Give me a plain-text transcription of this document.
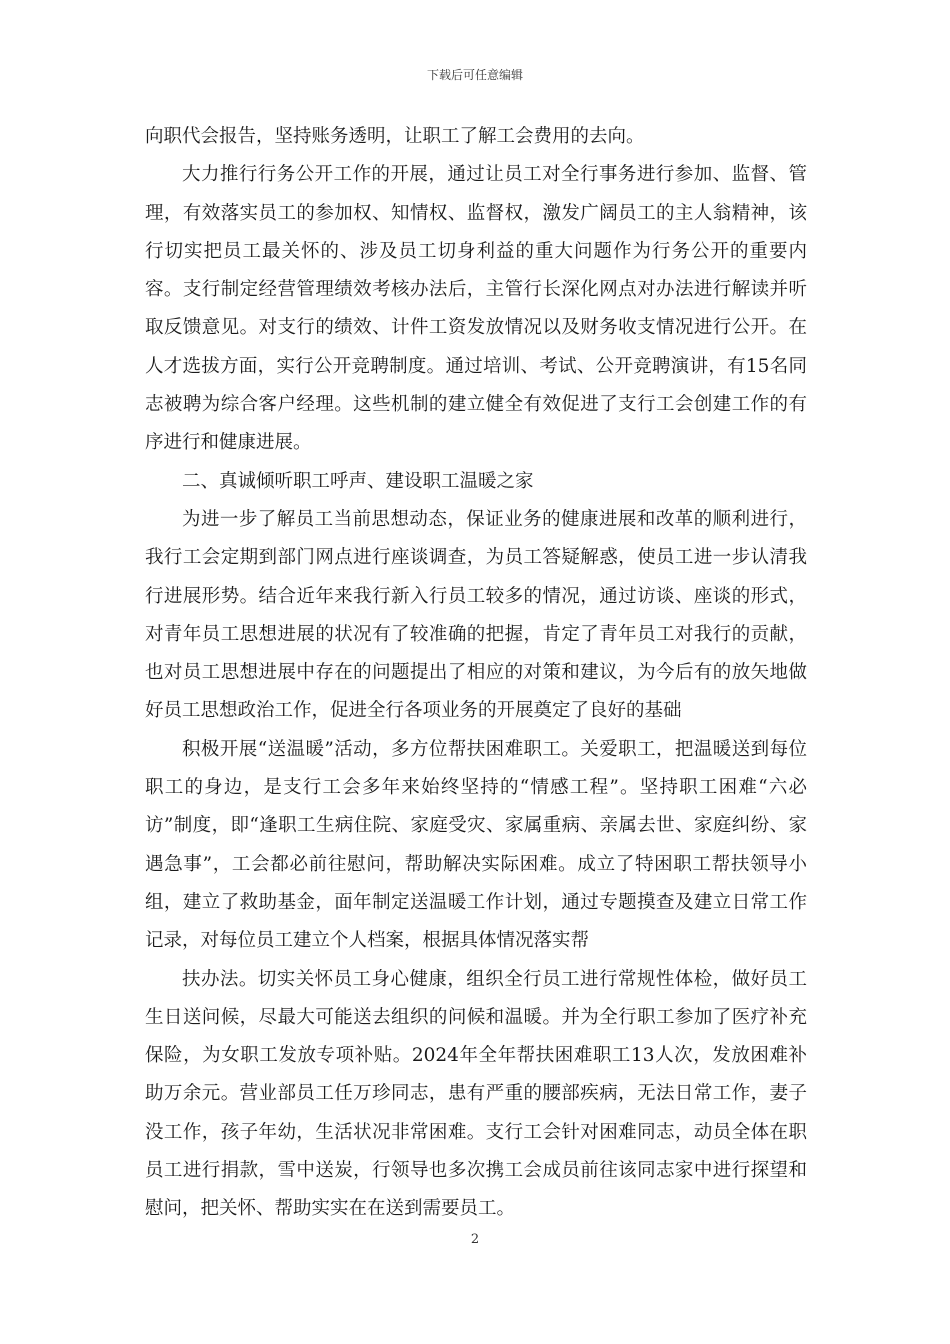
下载后可任意编辑

向职代会报告，坚持账务透明，让职工了解工会费用的去向。

大力推行行务公开工作的开展，通过让员工对全行事务进行参加、监督、管理，有效落实员工的参加权、知情权、监督权，激发广阔员工的主人翁精神，该行切实把员工最关怀的、涉及员工切身利益的重大问题作为行务公开的重要内容。支行制定经营管理绩效考核办法后，主管行长深化网点对办法进行解读并听取反馈意见。对支行的绩效、计件工资发放情况以及财务收支情况进行公开。在人才选拔方面，实行公开竞聘制度。通过培训、考试、公开竞聘演讲，有15名同志被聘为综合客户经理。这些机制的建立健全有效促进了支行工会创建工作的有序进行和健康进展。

二、真诚倾听职工呼声、建设职工温暖之家

为进一步了解员工当前思想动态，保证业务的健康进展和改革的顺利进行，我行工会定期到部门网点进行座谈调查，为员工答疑解惑，使员工进一步认清我行进展形势。结合近年来我行新入行员工较多的情况，通过访谈、座谈的形式，对青年员工思想进展的状况有了较准确的把握，肯定了青年员工对我行的贡献，也对员工思想进展中存在的问题提出了相应的对策和建议，为今后有的放矢地做好员工思想政治工作，促进全行各项业务的开展奠定了良好的基础

积极开展“送温暖”活动，多方位帮扶困难职工。关爱职工，把温暖送到每位职工的身边，是支行工会多年来始终坚持的“情感工程”。坚持职工困难“六必访”制度，即“逢职工生病住院、家庭受灾、家属重病、亲属去世、家庭纠纷、家遇急事”，工会都必前往慰问，帮助解决实际困难。成立了特困职工帮扶领导小组，建立了救助基金，面年制定送温暖工作计划，通过专题摸查及建立日常工作记录，对每位员工建立个人档案，根据具体情况落实帮

扶办法。切实关怀员工身心健康，组织全行员工进行常规性体检，做好员工生日送问候，尽最大可能送去组织的问候和温暖。并为全行职工参加了医疗补充保险，为女职工发放专项补贴。2024年全年帮扶困难职工13人次，发放困难补助万余元。营业部员工任万珍同志，患有严重的腰部疾病，无法日常工作，妻子没工作，孩子年幼，生活状况非常困难。支行工会针对困难同志，动员全体在职员工进行捐款，雪中送炭，行领导也多次携工会成员前往该同志家中进行探望和慰问，把关怀、帮助实实在在送到需要员工。

2
